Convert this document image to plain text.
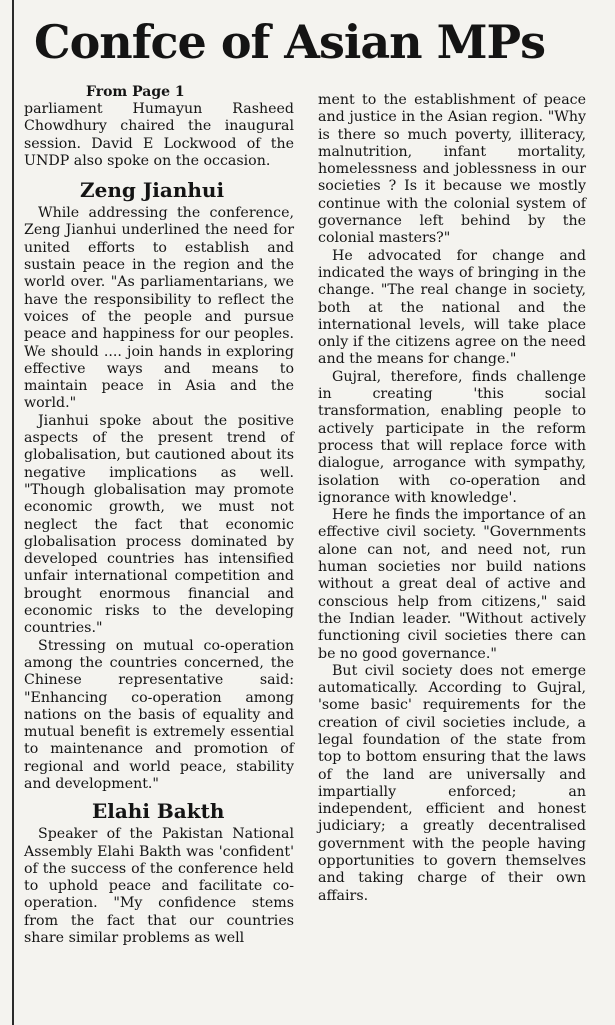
Confce of Asian MPs

From Page 1

parliament Humayun Rasheed Chowdhury chaired the inaugural session. David E Lockwood of the UNDP also spoke on the occasion.

Zeng Jianhui

While addressing the conference, Zeng Jianhui underlined the need for united efforts to establish and sustain peace in the region and the world over. "As parliamentarians, we have the responsibility to reflect the voices of the people and pursue peace and happiness for our peoples. We should .... join hands in exploring effective ways and means to maintain peace in Asia and the world."

Jianhui spoke about the positive aspects of the present trend of globalisation, but cautioned about its negative implications as well. "Though globalisation may promote economic growth, we must not neglect the fact that economic globalisation process dominated by developed countries has intensified unfair international competition and brought enormous financial and economic risks to the developing countries."

Stressing on mutual co-operation among the countries concerned, the Chinese representative said: "Enhancing co-operation among nations on the basis of equality and mutual benefit is extremely essential to maintenance and promotion of regional and world peace, stability and development."

Elahi Bakth

Speaker of the Pakistan National Assembly Elahi Bakth was 'confident' of the success of the conference held to uphold peace and facilitate co-operation. "My confidence stems from the fact that our countries share similar problems as well

ment to the establishment of peace and justice in the Asian region. "Why is there so much poverty, illiteracy, malnutrition, infant mortality, homelessness and joblessness in our societies ? Is it because we mostly continue with the colonial system of governance left behind by the colonial masters?"

He advocated for change and indicated the ways of bringing in the change. "The real change in society, both at the national and the international levels, will take place only if the citizens agree on the need and the means for change."

Gujral, therefore, finds challenge in creating 'this social transformation, enabling people to actively participate in the reform process that will replace force with dialogue, arrogance with sympathy, isolation with co-operation and ignorance with knowledge'.

Here he finds the importance of an effective civil society. "Governments alone can not, and need not, run human societies nor build nations without a great deal of active and conscious help from citizens," said the Indian leader. "Without actively functioning civil societies there can be no good governance."

But civil society does not emerge automatically. According to Gujral, 'some basic' requirements for the creation of civil societies include, a legal foundation of the state from top to bottom ensuring that the laws of the land are universally and impartially enforced; an independent, efficient and honest judiciary; a greatly decentralised government with the people having opportunities to govern themselves and taking charge of their own affairs.
